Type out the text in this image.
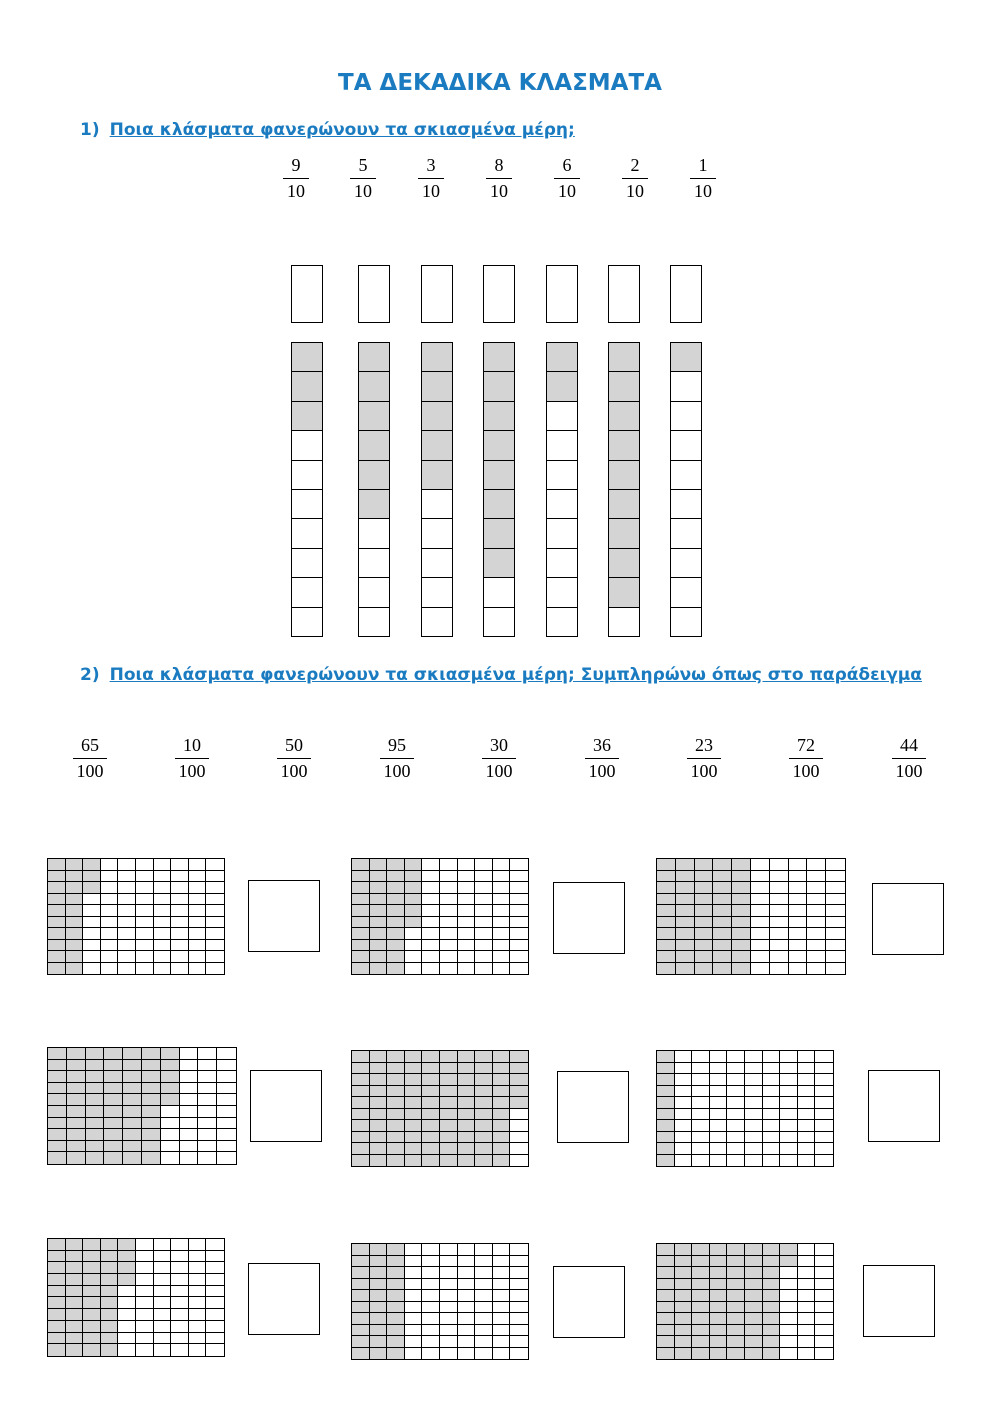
ΤΑ ΔΕΚΑΔΙΚΑ ΚΛΑΣΜΑΤΑ
1) Ποια κλάσματα φανερώνουν τα σκιασμένα μέρη;
9
10
5
10
3
10
8
10
6
10
2
10
1
10
2) Ποια κλάσματα φανερώνουν τα σκιασμένα μέρη; Συμπληρώνω όπως στο παράδειγμα
65
100
10
100
50
100
95
100
30
100
36
100
23
100
72
100
44
100
